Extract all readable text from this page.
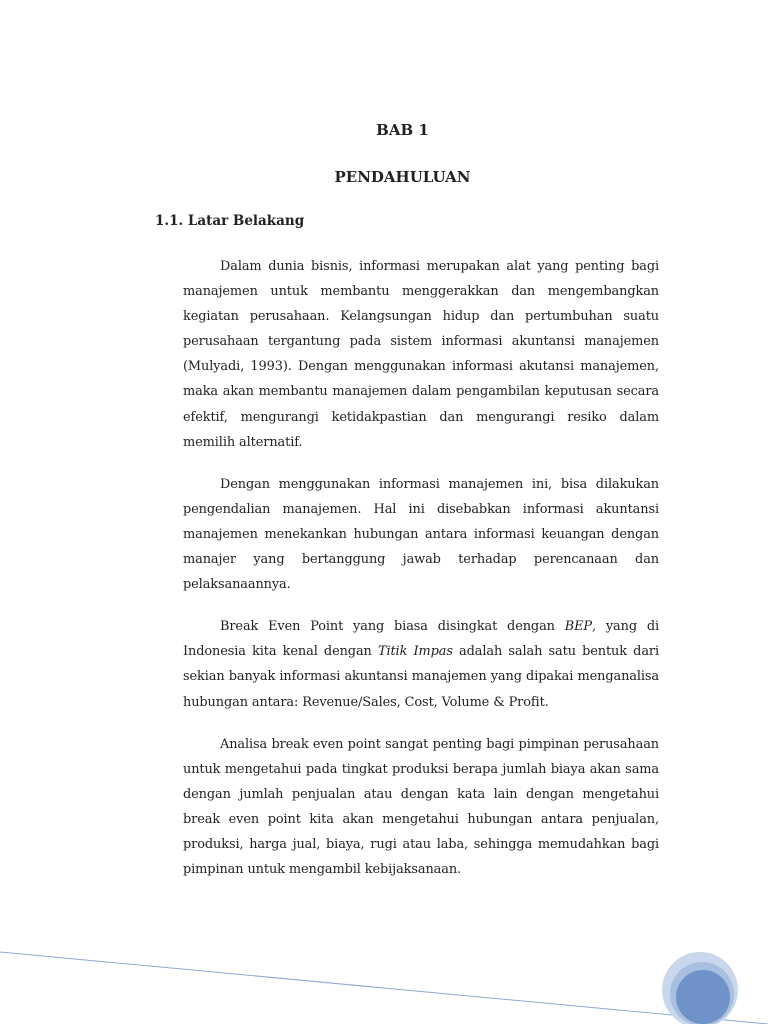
BAB 1
PENDAHULUAN
1.1. Latar Belakang

Dalam dunia bisnis, informasi merupakan alat yang penting bagi manajemen untuk membantu menggerakkan dan mengembangkan kegiatan perusahaan. Kelangsungan hidup dan pertumbuhan suatu perusahaan tergantung pada sistem informasi akuntansi manajemen (Mulyadi, 1993). Dengan menggunakan informasi akutansi manajemen, maka akan membantu manajemen dalam pengambilan keputusan secara efektif, mengurangi ketidakpastian dan mengurangi resiko dalam memilih alternatif.

Dengan menggunakan informasi manajemen ini, bisa dilakukan pengendalian manajemen. Hal ini disebabkan informasi akuntansi manajemen menekankan hubungan antara informasi keuangan dengan manajer yang bertanggung jawab terhadap perencanaan dan pelaksanaannya.

Break Even Point yang biasa disingkat dengan BEP, yang di Indonesia kita kenal dengan Titik Impas adalah salah satu bentuk dari sekian banyak informasi akuntansi manajemen yang dipakai menganalisa hubungan antara: Revenue/Sales, Cost, Volume & Profit.

Analisa break even point sangat penting bagi pimpinan perusahaan untuk mengetahui pada tingkat produksi berapa jumlah biaya akan sama dengan jumlah penjualan atau dengan kata lain dengan mengetahui break even point kita akan mengetahui hubungan antara penjualan, produksi, harga jual, biaya, rugi atau laba, sehingga memudahkan bagi pimpinan untuk mengambil kebijaksanaan.
